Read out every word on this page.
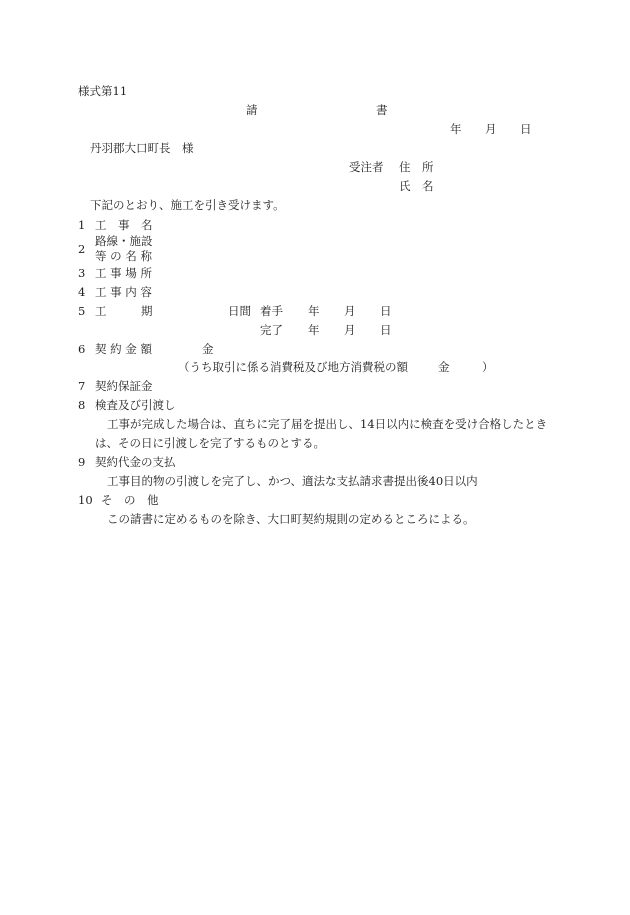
様式第11
請	書
年 月 日
丹羽郡大口町長　様
受注者 住　所
氏　名
下記のとおり、施工を引き受けます。
1 工　事　名
2
路線・施設
等 の 名 称
3 工 事 場 所
4 工 事 内 容
5 工　　　期	日間 着手 年 月 日
完了 年 月 日
6 契 約 金 額	金
（うち取引に係る消費税及び地方消費税の額	金	）
7 契約保証金
8 検査及び引渡し
工事が完成した場合は、直ちに完了届を提出し、14日以内に検査を受け合格したとき
は、その日に引渡しを完了するものとする。
9 契約代金の支払
工事目的物の引渡しを完了し、かつ、適法な支払請求書提出後40日以内
10 そ　の　他
この請書に定めるものを除き、大口町契約規則の定めるところによる。
